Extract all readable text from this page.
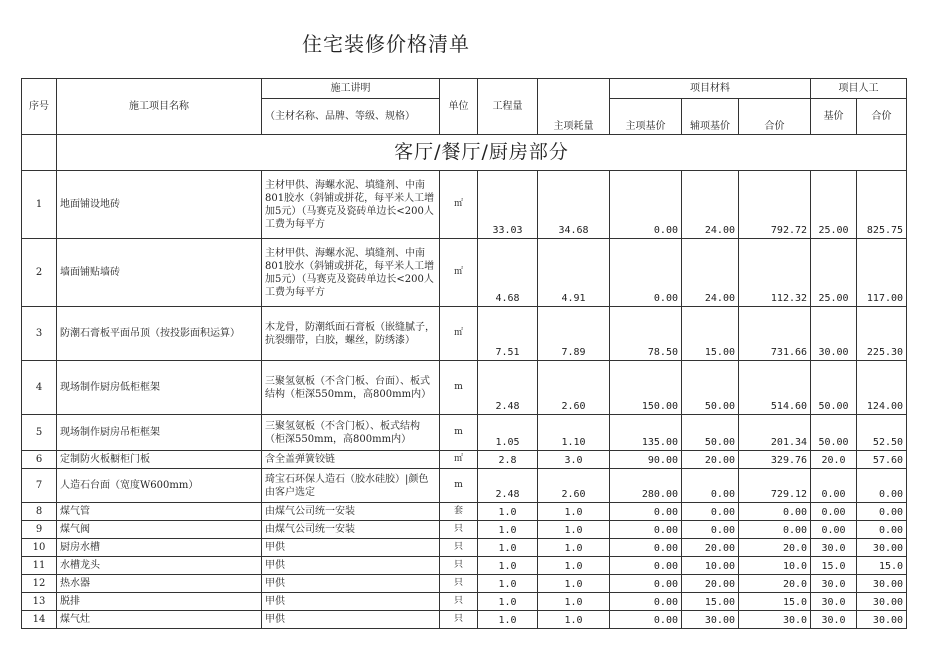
住宅装修价格清单
序号	施工项目名称	施工讲明	单位	工程量	主项耗量	项目材料			项目人工	
		（主材名称、品牌、等级、规格）				主项基价	辅项基价	合价	基价	合价

	客厅/餐厅/厨房部分									
1	地面铺设地砖	主材甲供、海螺水泥、填缝剂、中南801胶水（斜铺或拼花，每平米人工增加5元）（马赛克及瓷砖单边长<200人工费为每平方	㎡	33.03	34.68	0.00	24.00	792.72	25.00	825.75
2	墙面铺贴墙砖	主材甲供、海螺水泥、填缝剂、中南801胶水（斜铺或拼花，每平米人工增加5元）（马赛克及瓷砖单边长<200人工费为每平方	㎡	4.68	4.91	0.00	24.00	112.32	25.00	117.00
3	防潮石膏板平面吊顶（按投影面积运算）	木龙骨，防潮纸面石膏板（嵌缝腻子，抗裂绷带，白胶，螺丝，防绣漆）	㎡	7.51	7.89	78.50	15.00	731.66	30.00	225.30
4	现场制作厨房低柜框架	三聚氢氨板（不含门板、台面）、板式结构（柜深550mm，高800mm内）	m	2.48	2.60	150.00	50.00	514.60	50.00	124.00
5	现场制作厨房吊柜框架	三聚氢氨板（不含门板）、板式结构（柜深550mm，高800mm内）	m	1.05	1.10	135.00	50.00	201.34	50.00	52.50
6	定制防火板橱柜门板	含全盖弹簧铰链	㎡	2.8	3.0	90.00	20.00	329.76	20.0	57.60
7	人造石台面（宽度W600mm）	琦宝石环保人造石（胶水硅胶）|颜色由客户选定	m	2.48	2.60	280.00	0.00	729.12	0.00	0.00
8	煤气管	由煤气公司统一安装	套	1.0	1.0	0.00	0.00	0.00	0.00	0.00
9	煤气阀	由煤气公司统一安装	只	1.0	1.0	0.00	0.00	0.00	0.00	0.00
10	厨房水槽	甲供	只	1.0	1.0	0.00	20.00	20.0	30.0	30.00
11	水槽龙头	甲供	只	1.0	1.0	0.00	10.00	10.0	15.0	15.0
12	热水器	甲供	只	1.0	1.0	0.00	20.00	20.0	30.0	30.00
13	脱排	甲供	只	1.0	1.0	0.00	15.00	15.0	30.0	30.00
14	煤气灶	甲供	只	1.0	1.0	0.00	30.00	30.0	30.0	30.00
